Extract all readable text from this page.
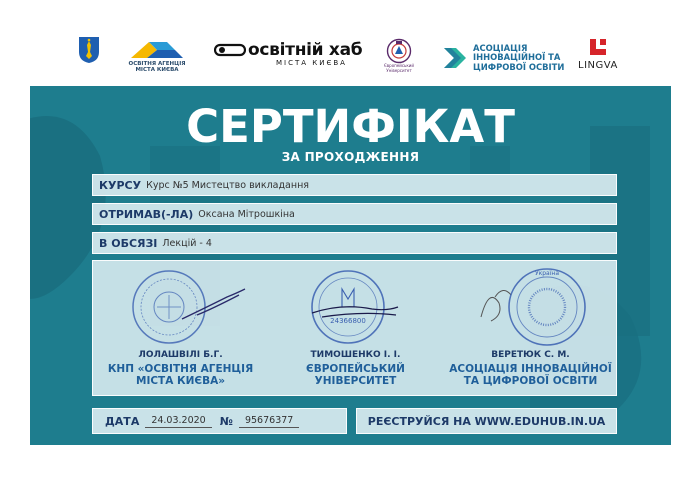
ОСВІТНЯ АГЕНЦІЯ
МІСТА КИЄВА
освітній хаб
МІСТА КИЄВА	Європейський
Університет
АСОЦІАЦІЯ
ІННОВАЦІЙНОЇ ТА
ЦИФРОВОЇ ОСВІТИ LINGVA
СЕРТИФІКАТ
ЗА ПРОХОДЖЕННЯ
КУРСУ Курс №5 Мистецтво викладання
ОТРИМАВ(-ЛА) Оксана Мітрошкіна
В ОБСЯЗІ Лекцій - 4
ЛОЛАШВІЛІ Б.Г.
КНП «ОСВІТНЯ АГЕНЦІЯ
МІСТА КИЄВА»
24366800
ТИМОШЕНКО І. І.
ЄВРОПЕЙСЬКИЙ
УНІВЕРСИТЕТ
Україна
ВЕРЕТЮК С. М.
АСОЦІАЦІЯ ІННОВАЦІЙНОЇ
ТА ЦИФРОВОЇ ОСВІТИ
ДАТА	24.03.2020	№	95676377	РЕЄСТРУЙСЯ НА WWW.EDUHUB.IN.UA
